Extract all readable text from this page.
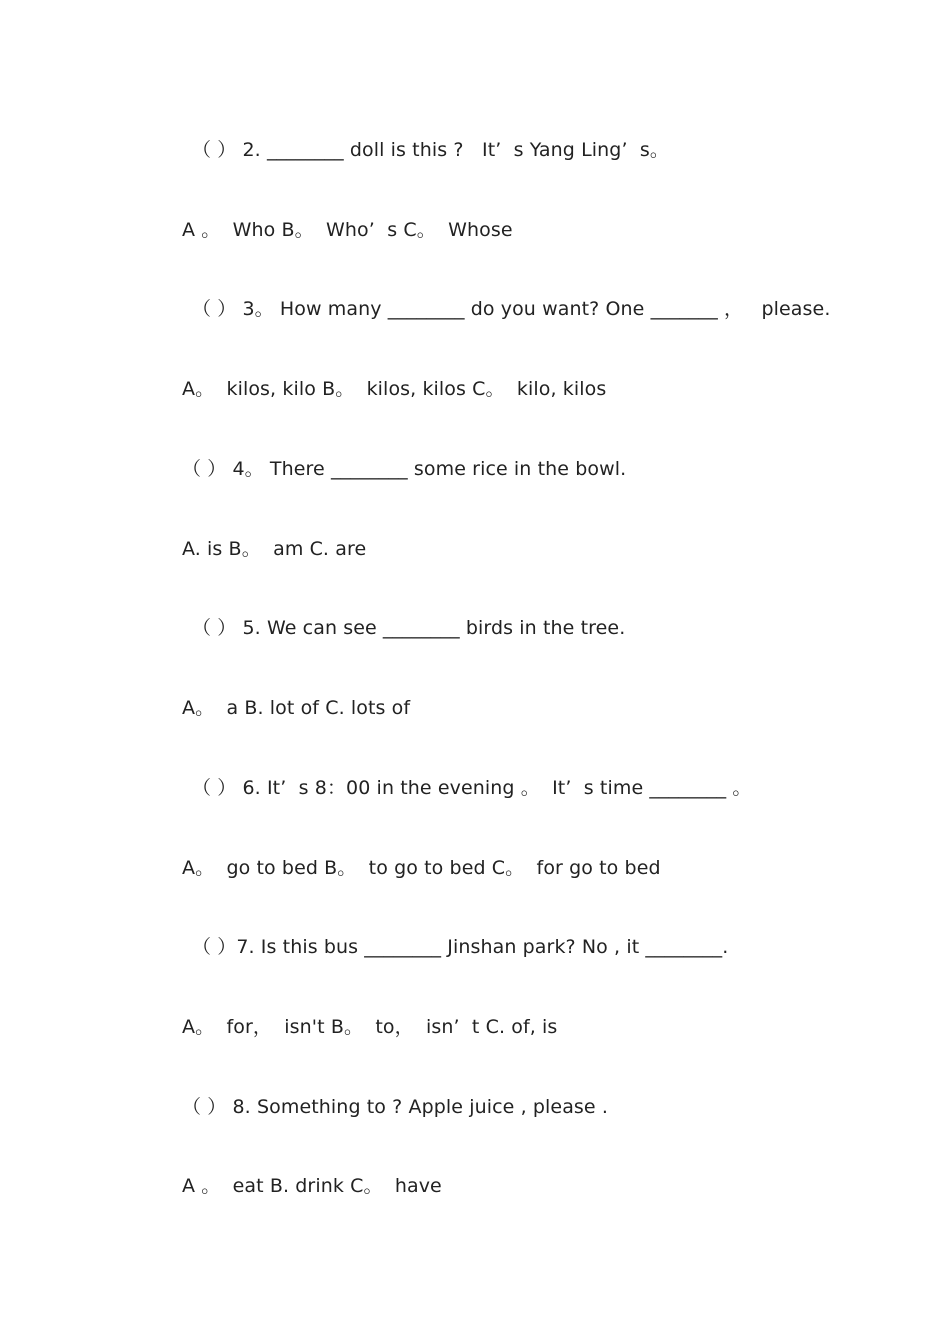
（ ） 2. ________ doll is this ?   It’  s Yang Ling’  s。
A 。  Who B。  Who’  s C。  Whose
（ ） 3。 How many ________ do you want? One _______ ，   please.
A。  kilos, kilo B。  kilos, kilos C。  kilo, kilos
（ ） 4。 There ________ some rice in the bowl.
A. is B。  am C. are
（ ） 5. We can see ________ birds in the tree.
A。  a B. lot of C. lots of
（ ） 6. It’  s 8：00 in the evening 。  It’  s time ________ 。
A。  go to bed B。  to go to bed C。  for go to bed
（ ）7. Is this bus ________ Jinshan park? No , it ________.
A。  for，  isn't B。  to，  isn’  t C. of, is
（ ） 8. Something to ? Apple juice , please .
A 。  eat B. drink C。  have
